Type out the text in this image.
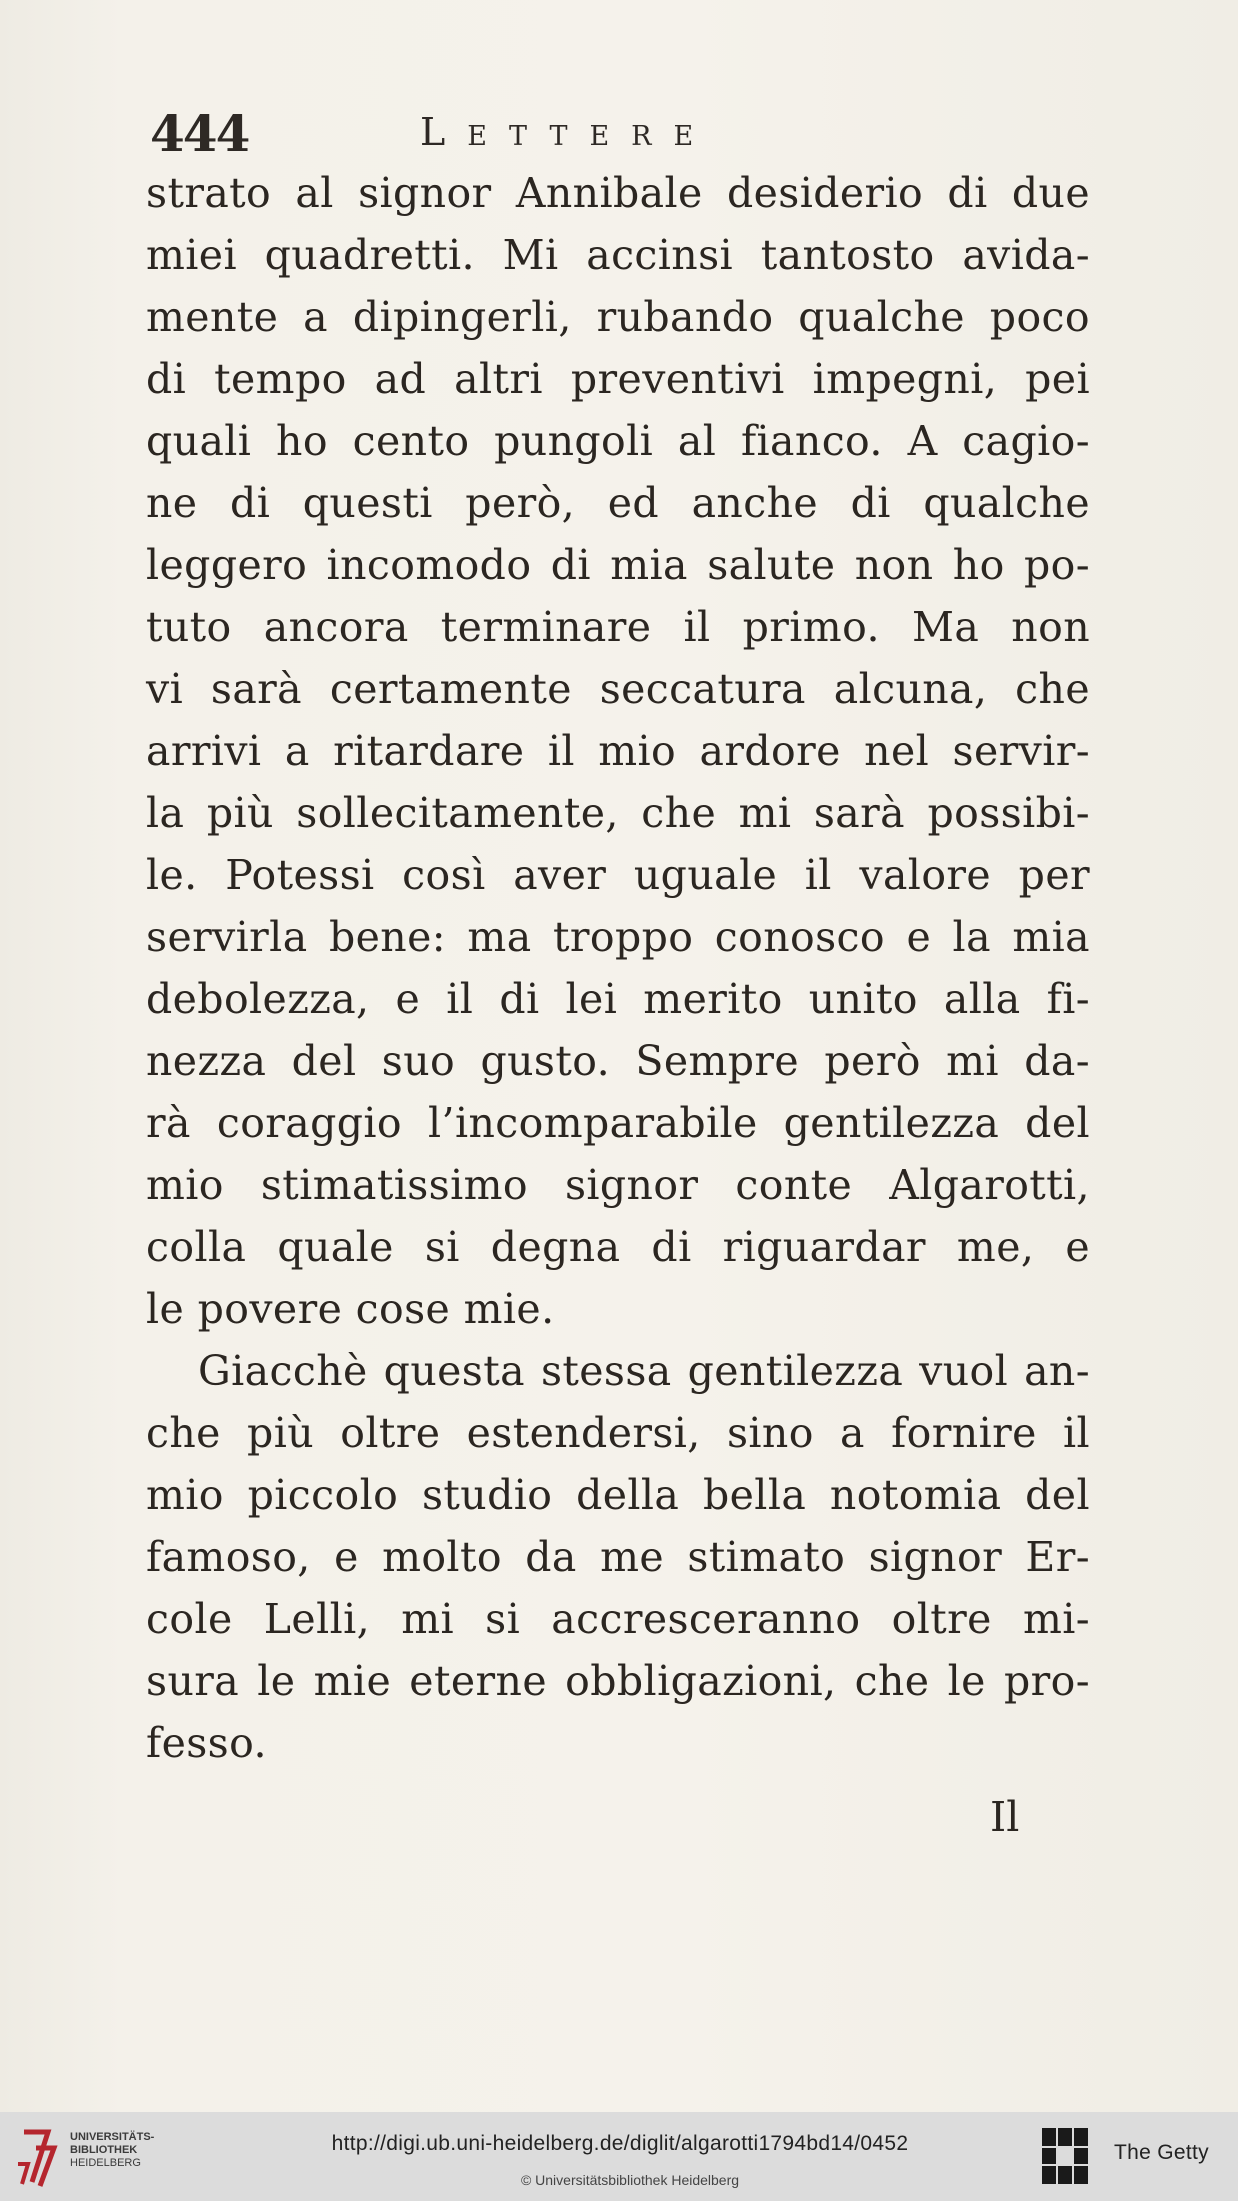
444	Lettere
strato al signor Annibale desiderio di due
miei quadretti. Mi accinsi tantosto avida-
mente a dipingerli, rubando qualche poco
di tempo ad altri preventivi impegni, pei
quali ho cento pungoli al fianco. A cagio-
ne di questi però, ed anche di qualche
leggero incomodo di mia salute non ho po-
tuto ancora terminare il primo. Ma non
vi sarà certamente seccatura alcuna, che
arrivi a ritardare il mio ardore nel servir-
la più sollecitamente, che mi sarà possibi-
le. Potessi così aver uguale il valore per
servirla bene: ma troppo conosco e la mia
debolezza, e il di lei merito unito alla fi-
nezza del suo gusto. Sempre però mi da-
rà coraggio l’incomparabile gentilezza del
mio stimatissimo signor conte Algarotti,
colla quale si degna di riguardar me, e
le povere cose mie.
Giacchè questa stessa gentilezza vuol an-
che più oltre estendersi, sino a fornire il
mio piccolo studio della bella notomia del
famoso, e molto da me stimato signor Er-
cole Lelli, mi si accresceranno oltre mi-
sura le mie eterne obbligazioni, che le pro-
fesso.
Il
UNIVERSITÄTS-
BIBLIOTHEK
HEIDELBERG
http://digi.ub.uni-heidelberg.de/diglit/algarotti1794bd14/0452
© Universitätsbibliothek Heidelberg
The Getty
